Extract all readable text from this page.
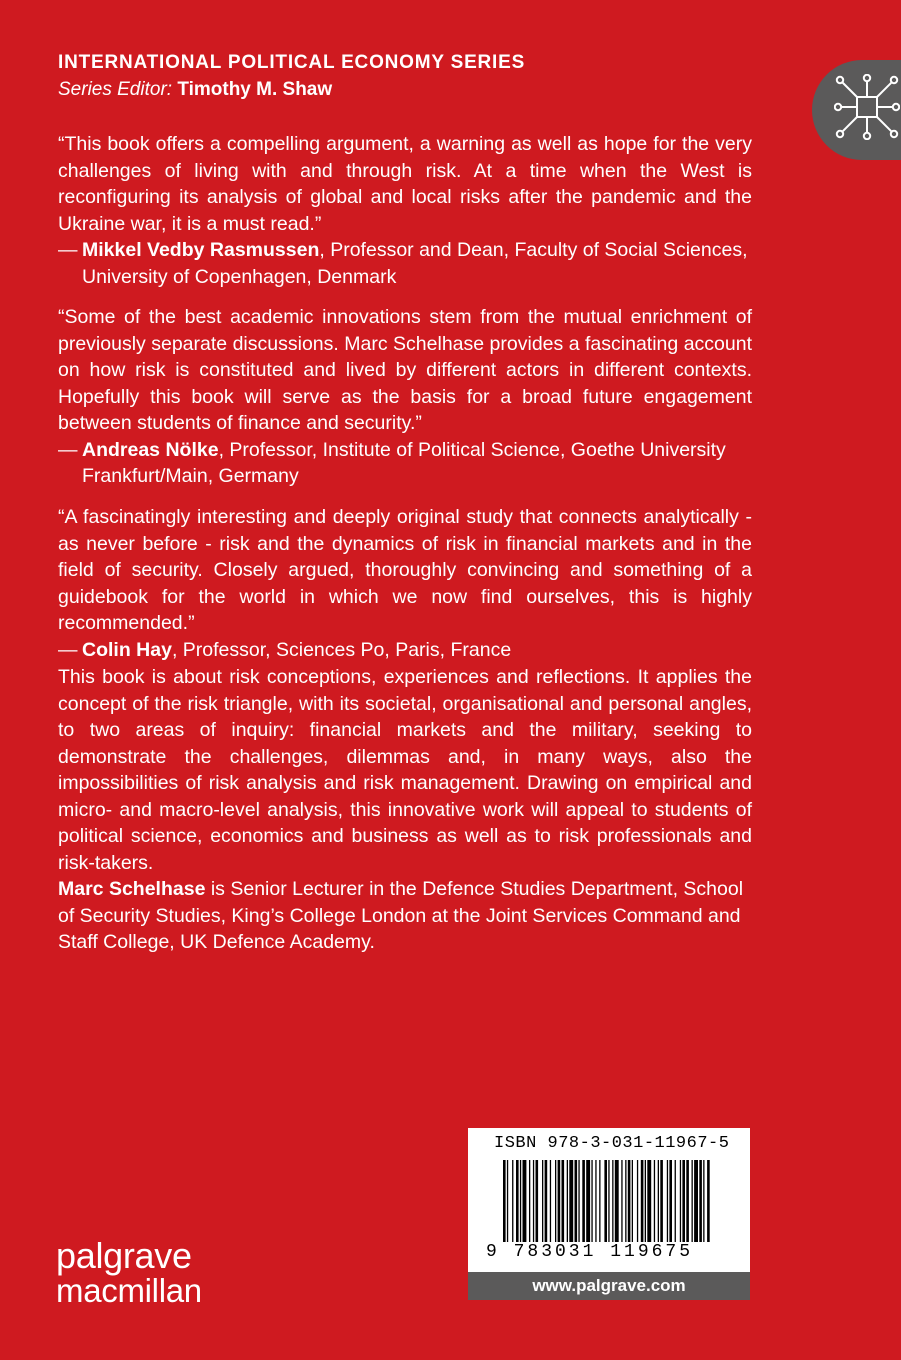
INTERNATIONAL POLITICAL ECONOMY SERIES
Series Editor: Timothy M. Shaw

“This book offers a compelling argument, a warning as well as hope for the very challenges of living with and through risk. At a time when the West is reconfiguring its analysis of global and local risks after the pandemic and the Ukraine war, it is a must read.”

— Mikkel Vedby Rasmussen, Professor and Dean, Faculty of Social Sciences, University of Copenhagen, Denmark

“Some of the best academic innovations stem from the mutual enrichment of previously separate discussions. Marc Schelhase provides a fascinating account on how risk is constituted and lived by different actors in different contexts. Hopefully this book will serve as the basis for a broad future engagement between students of finance and security.”

— Andreas Nölke, Professor, Institute of Political Science, Goethe University Frankfurt/Main, Germany

“A fascinatingly interesting and deeply original study that connects analytically - as never before - risk and the dynamics of risk in financial markets and in the field of security. Closely argued, thoroughly convincing and something of a guidebook for the world in which we now find ourselves, this is highly recommended.”

— Colin Hay, Professor, Sciences Po, Paris, France

This book is about risk conceptions, experiences and reflections. It applies the concept of the risk triangle, with its societal, organisational and personal angles, to two areas of inquiry: financial markets and the military, seeking to demonstrate the challenges, dilemmas and, in many ways, also the impossibilities of risk analysis and risk management. Drawing on empirical and micro- and macro-level analysis, this innovative work will appeal to students of political science, economics and business as well as to risk professionals and risk-takers.

Marc Schelhase is Senior Lecturer in the Defence Studies Department, School of Security Studies, King’s College London at the Joint Services Command and Staff College, UK Defence Academy.

ISBN 978-3-031-11967-5
9 783031 119675
www.palgrave.com
palgrave
macmillan
